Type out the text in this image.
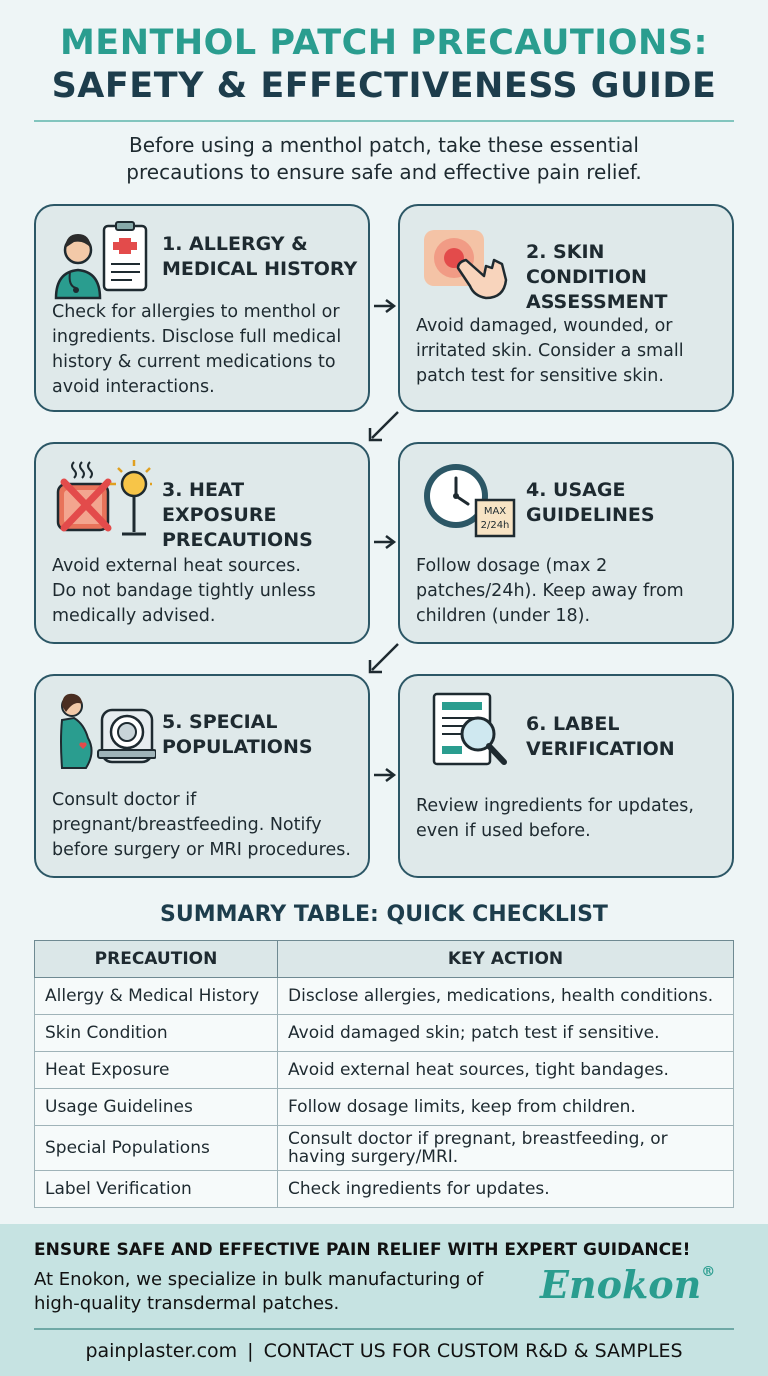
MENTHOL PATCH PRECAUTIONS:
SAFETY & EFFECTIVENESS GUIDE
Before using a menthol patch, take these essential
precautions to ensure safe and effective pain relief.
1. ALLERGY &
MEDICAL HISTORY
Check for allergies to menthol or
ingredients. Disclose full medical
history & current medications to
avoid interactions.
2. SKIN CONDITION
ASSESSMENT
Avoid damaged, wounded, or
irritated skin. Consider a small
patch test for sensitive skin.
3. HEAT EXPOSURE
PRECAUTIONS
Avoid external heat sources.
Do not bandage tightly unless
medically advised.
MAX
2/24h
4. USAGE
GUIDELINES
Follow dosage (max 2
patches/24h). Keep away from
children (under 18).
5. SPECIAL
POPULATIONS
Consult doctor if
pregnant/breastfeeding. Notify
before surgery or MRI procedures.
6. LABEL
VERIFICATION
Review ingredients for updates,
even if used before.
SUMMARY TABLE: QUICK CHECKLIST
PRECAUTION	KEY ACTION
Allergy & Medical History	Disclose allergies, medications, health conditions.
Skin Condition	Avoid damaged skin; patch test if sensitive.
Heat Exposure	Avoid external heat sources, tight bandages.
Usage Guidelines	Follow dosage limits, keep from children.
Special Populations	Consult doctor if pregnant, breastfeeding, or having surgery/MRI.
Label Verification	Check ingredients for updates.
ENSURE SAFE AND EFFECTIVE PAIN RELIEF WITH EXPERT GUIDANCE!
At Enokon, we specialize in bulk manufacturing of
high-quality transdermal patches.	Enokon®
painplaster.com | CONTACT US FOR CUSTOM R&D & SAMPLES
